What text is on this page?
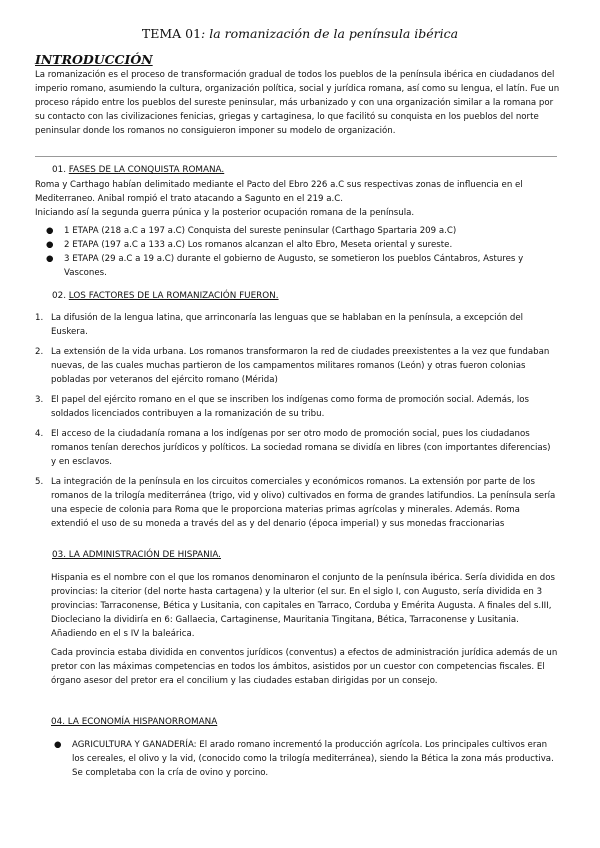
TEMA 01: la romanización de la península ibérica
INTRODUCCIÓN

La romanización es el proceso de transformación gradual de todos los pueblos de la península ibérica en ciudadanos del imperio romano, asumiendo la cultura, organización política, social y jurídica romana, así como su lengua, el latín. Fue un proceso rápido entre los pueblos del sureste peninsular, más urbanizado y con una organización similar a la romana por su contacto con las civilizaciones fenicias, griegas y cartaginesa, lo que facilitó su conquista en los pueblos del norte peninsular donde los romanos no consiguieron imponer su modelo de organización.

01. FASES DE LA CONQUISTA ROMANA.

Roma y Carthago habían delimitado mediante el Pacto del Ebro 226 a.C sus respectivas zonas de influencia en el Mediterraneo. Anibal rompió el trato atacando a Sagunto en el 219 a.C.

Iniciando así la segunda guerra púnica y la posterior ocupación romana de la península.

● 1 ETAPA (218 a.C a 197 a.C) Conquista del sureste peninsular (Carthago Spartaria 209 a.C)
● 2 ETAPA (197 a.C a 133 a.C) Los romanos alcanzan el alto Ebro, Meseta oriental y sureste.
● 3 ETAPA (29 a.C a 19 a.C) durante el gobierno de Augusto, se sometieron los pueblos Cántabros, Astures y Vascones.
02. LOS FACTORES DE LA ROMANIZACIÓN FUERON.
1. La difusión de la lengua latina, que arrinconaría las lenguas que se hablaban en la península, a excepción del Euskera.
2. La extensión de la vida urbana. Los romanos transformaron la red de ciudades preexistentes a la vez que fundaban nuevas, de las cuales muchas partieron de los campamentos militares romanos (León) y otras fueron colonias pobladas por veteranos del ejército romano (Mérida)
3. El papel del ejército romano en el que se inscriben los indígenas como forma de promoción social. Además, los soldados licenciados contribuyen a la romanización de su tribu.
4. El acceso de la ciudadanía romana a los indígenas por ser otro modo de promoción social, pues los ciudadanos romanos tenían derechos jurídicos y políticos. La sociedad romana se dividía en libres (con importantes diferencias) y en esclavos.
5. La integración de la península en los circuitos comerciales y económicos romanos. La extensión por parte de los romanos de la trilogía mediterránea (trigo, vid y olivo) cultivados en forma de grandes latifundios. La península sería una especie de colonia para Roma que le proporciona materias primas agrícolas y minerales. Además. Roma extendió el uso de su moneda a través del as y del denario (época imperial) y sus monedas fraccionarias
03. LA ADMINISTRACIÓN DE HISPANIA.

Hispania es el nombre con el que los romanos denominaron el conjunto de la península ibérica. Sería dividida en dos provincias: la citerior (del norte hasta cartagena) y la ulterior (el sur. En el siglo I, con Augusto, sería dividida en 3 provincias: Tarraconense, Bética y Lusitania, con capitales en Tarraco, Corduba y Emérita Augusta. A finales del s.III, Diocleciano la dividiría en 6: Gallaecia, Cartaginense, Mauritania Tingitana, Bética, Tarraconense y Lusitania. Añadiendo en el s IV la baleárica.

Cada provincia estaba dividida en conventos jurídicos (conventus) a efectos de administración jurídica además de un pretor con las máximas competencias en todos los ámbitos, asistidos por un cuestor con competencias fiscales. El órgano asesor del pretor era el concilium y las ciudades estaban dirigidas por un consejo.

04. LA ECONOMÍA HISPANORROMANA
● AGRICULTURA Y GANADERÍA: El arado romano incrementó la producción agrícola. Los principales cultivos eran los cereales, el olivo y la vid, (conocido como la trilogía mediterránea), siendo la Bética la zona más productiva. Se completaba con la cría de ovino y porcino.
